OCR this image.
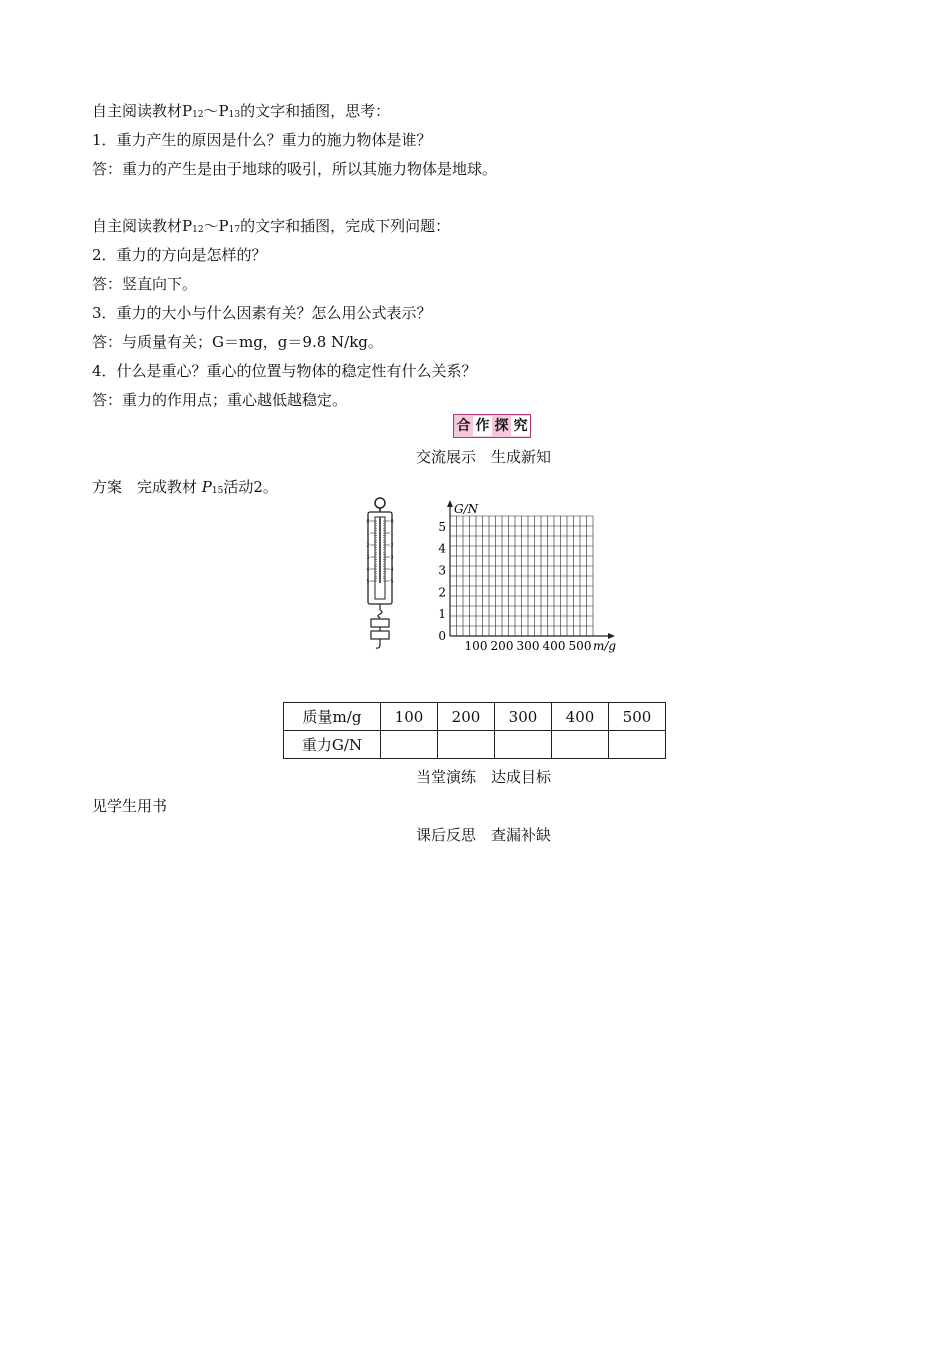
自主阅读教材$P_{12}\sim P_{13}$的文字和插图，思考：
1．重力产生的原因是什么？重力的施力物体是谁？
答：重力的产生是由于地球的吸引，所以其施力物体是地球。
自主阅读教材$P_{12}\sim P_{17}$的文字和插图，完成下列问题：
2．重力的方向是怎样的？
答：竖直向下。
3．重力的大小与什么因素有关？怎么用公式表示？
答：与质量有关；G＝mg，g＝9.8 N/kg。
4．什么是重心？重心的位置与物体的稳定性有什么关系？
答：重力的作用点；重心越低越稳定。
合 作 探 究
交流展示　生成新知
方案　完成教材 $P_{15}$活动2。
0	0
1	1
2	2
3	3
4	4
5	5
G/N
m/g
5
4
3
2
1
0
100 200 300 400 500
质量m/g	100	200	300	400	500
重力G/N					
当堂演练　达成目标
见学生用书
课后反思　查漏补缺
